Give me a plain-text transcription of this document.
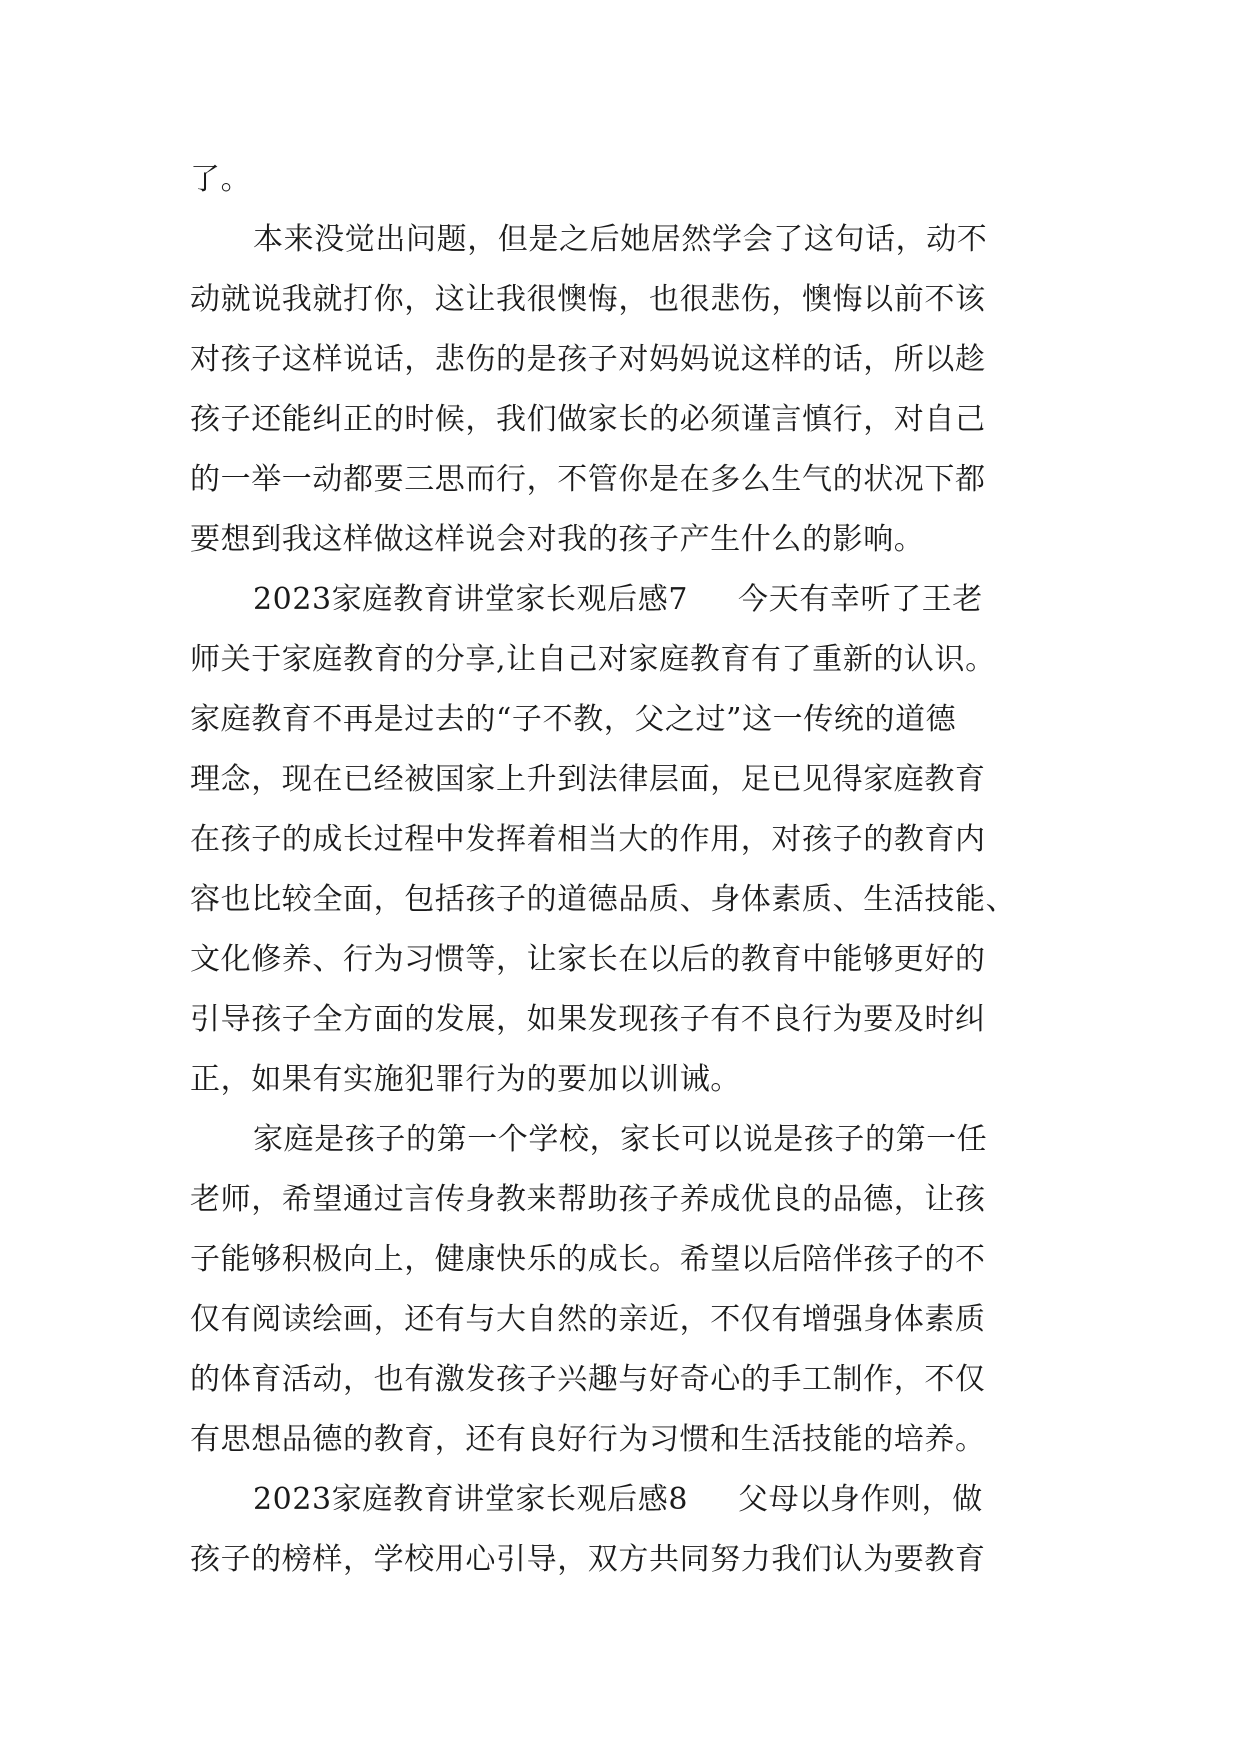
了。
本来没觉出问题，但是之后她居然学会了这句话，动不
动就说我就打你，这让我很懊悔，也很悲伤，懊悔以前不该
对孩子这样说话，悲伤的是孩子对妈妈说这样的话，所以趁
孩子还能纠正的时候，我们做家长的必须谨言慎行，对自己
的一举一动都要三思而行，不管你是在多么生气的状况下都
要想到我这样做这样说会对我的孩子产生什么的影响。
2023家庭教育讲堂家长观后感7 今天有幸听了王老
师关于家庭教育的分享,让自己对家庭教育有了重新的认识。
家庭教育不再是过去的“子不教，父之过”这一传统的道德
理念，现在已经被国家上升到法律层面，足已见得家庭教育
在孩子的成长过程中发挥着相当大的作用，对孩子的教育内
容也比较全面，包括孩子的道德品质、身体素质、生活技能、
文化修养、行为习惯等，让家长在以后的教育中能够更好的
引导孩子全方面的发展，如果发现孩子有不良行为要及时纠
正，如果有实施犯罪行为的要加以训诫。
家庭是孩子的第一个学校，家长可以说是孩子的第一任
老师，希望通过言传身教来帮助孩子养成优良的品德，让孩
子能够积极向上，健康快乐的成长。希望以后陪伴孩子的不
仅有阅读绘画，还有与大自然的亲近，不仅有增强身体素质
的体育活动，也有激发孩子兴趣与好奇心的手工制作，不仅
有思想品德的教育，还有良好行为习惯和生活技能的培养。
2023家庭教育讲堂家长观后感8 父母以身作则，做
孩子的榜样，学校用心引导，双方共同努力我们认为要教育
